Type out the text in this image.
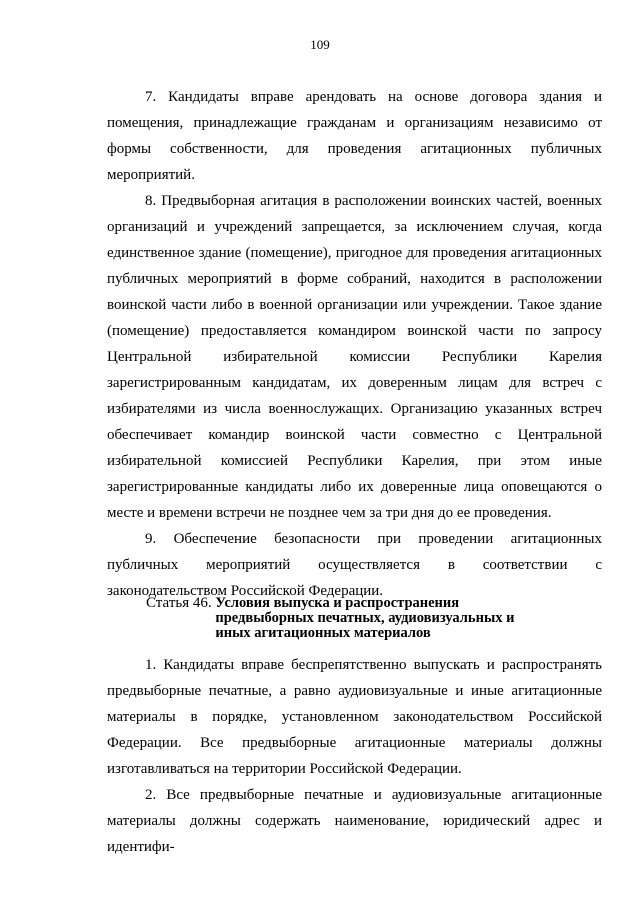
109

7. Кандидаты вправе арендовать на основе договора здания и помещения, принадлежащие гражданам и организациям независимо от формы собственности, для проведения агитационных публичных мероприятий.

8. Предвыборная агитация в расположении воинских частей, военных организаций и учреждений запрещается, за исключением случая, когда единственное здание (помещение), пригодное для проведения агитационных публичных мероприятий в форме собраний, находится в расположении воинской части либо в военной организации или учреждении. Такое здание (помещение) предоставляется командиром воинской части по запросу Центральной избирательной комиссии Республики Карелия зарегистрированным кандидатам, их доверенным лицам для встреч с избирателями из числа военнослужащих. Организацию указанных встреч обеспечивает командир воинской части совместно с Центральной избирательной комиссией Республики Карелия, при этом иные зарегистрированные кандидаты либо их доверенные лица оповещаются о месте и времени встречи не позднее чем за три дня до ее проведения.

9. Обеспечение безопасности при проведении агитационных публичных мероприятий осуществляется в соответствии с законодательством Российской Федерации.

Статья 46. Условия выпуска и распространения
предвыборных печатных, аудиовизуальных и
иных агитационных материалов

1. Кандидаты вправе беспрепятственно выпускать и распространять предвыборные печатные, а равно аудиовизуальные и иные агитационные материалы в порядке, установленном законодательством Российской Федерации. Все предвыборные агитационные материалы должны изготавливаться на территории Российской Федерации.

2. Все предвыборные печатные и аудиовизуальные агитационные материалы должны содержать наименование, юридический адрес и идентифи-
